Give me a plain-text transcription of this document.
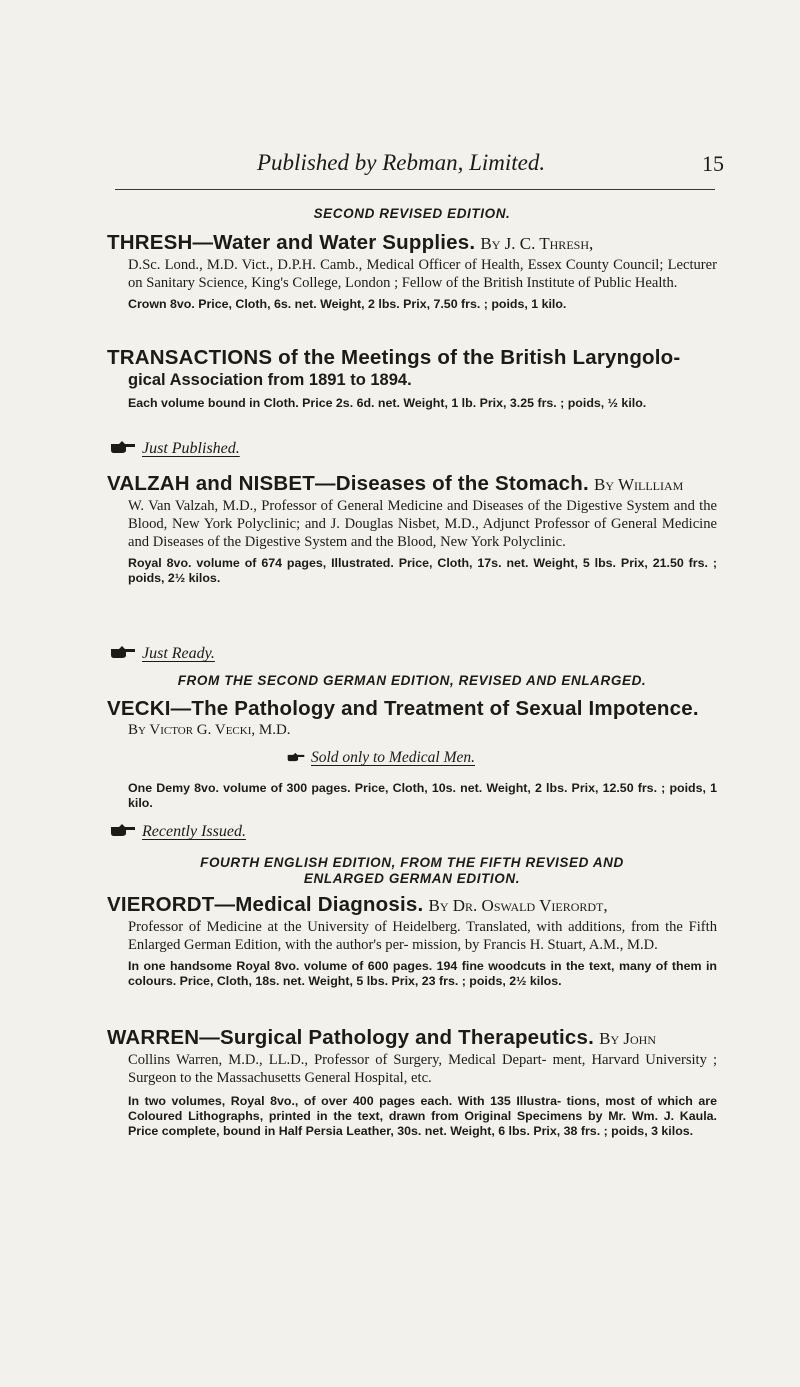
Published by Rebman, Limited.	15
SECOND REVISED EDITION.
THRESH—Water and Water Supplies. By J. C. Thresh,
D.Sc. Lond., M.D. Vict., D.P.H. Camb., Medical Officer of Health, Essex County Council; Lecturer on Sanitary Science, King's College, London ; Fellow of the British Institute of Public Health.
Crown 8vo. Price, Cloth, 6s. net. Weight, 2 lbs. Prix, 7.50 frs. ; poids, 1 kilo.
TRANSACTIONS of the Meetings of the British Laryngolo-
gical Association from 1891 to 1894.
Each volume bound in Cloth. Price 2s. 6d. net. Weight, 1 lb. Prix, 3.25 frs. ; poids, ½ kilo.
Just Published.
VALZAH and NISBET—Diseases of the Stomach. By Willliam
W. Van Valzah, M.D., Professor of General Medicine and Diseases of the Digestive System and the Blood, New York Polyclinic; and J. Douglas Nisbet, M.D., Adjunct Professor of General Medicine and Diseases of the Digestive System and the Blood, New York Polyclinic.
Royal 8vo. volume of 674 pages, Illustrated. Price, Cloth, 17s. net. Weight, 5 lbs. Prix, 21.50 frs. ; poids, 2½ kilos.
Just Ready.
FROM THE SECOND GERMAN EDITION, REVISED AND ENLARGED.
VECKI—The Pathology and Treatment of Sexual Impotence.
By Victor G. Vecki, M.D.
Sold only to Medical Men.
One Demy 8vo. volume of 300 pages. Price, Cloth, 10s. net. Weight, 2 lbs. Prix, 12.50 frs. ; poids, 1 kilo.
Recently Issued.
FOURTH ENGLISH EDITION, FROM THE FIFTH REVISED AND
ENLARGED GERMAN EDITION.
VIERORDT—Medical Diagnosis. By Dr. Oswald Vierordt,
Professor of Medicine at the University of Heidelberg. Translated, with additions, from the Fifth Enlarged German Edition, with the author's per- mission, by Francis H. Stuart, A.M., M.D.
In one handsome Royal 8vo. volume of 600 pages. 194 fine woodcuts in the text, many of them in colours. Price, Cloth, 18s. net. Weight, 5 lbs. Prix, 23 frs. ; poids, 2½ kilos.
WARREN—Surgical Pathology and Therapeutics. By John
Collins Warren, M.D., LL.D., Professor of Surgery, Medical Depart- ment, Harvard University ; Surgeon to the Massachusetts General Hospital, etc.
In two volumes, Royal 8vo., of over 400 pages each. With 135 Illustra- tions, most of which are Coloured Lithographs, printed in the text, drawn from Original Specimens by Mr. Wm. J. Kaula. Price complete, bound in Half Persia Leather, 30s. net. Weight, 6 lbs. Prix, 38 frs. ; poids, 3 kilos.
